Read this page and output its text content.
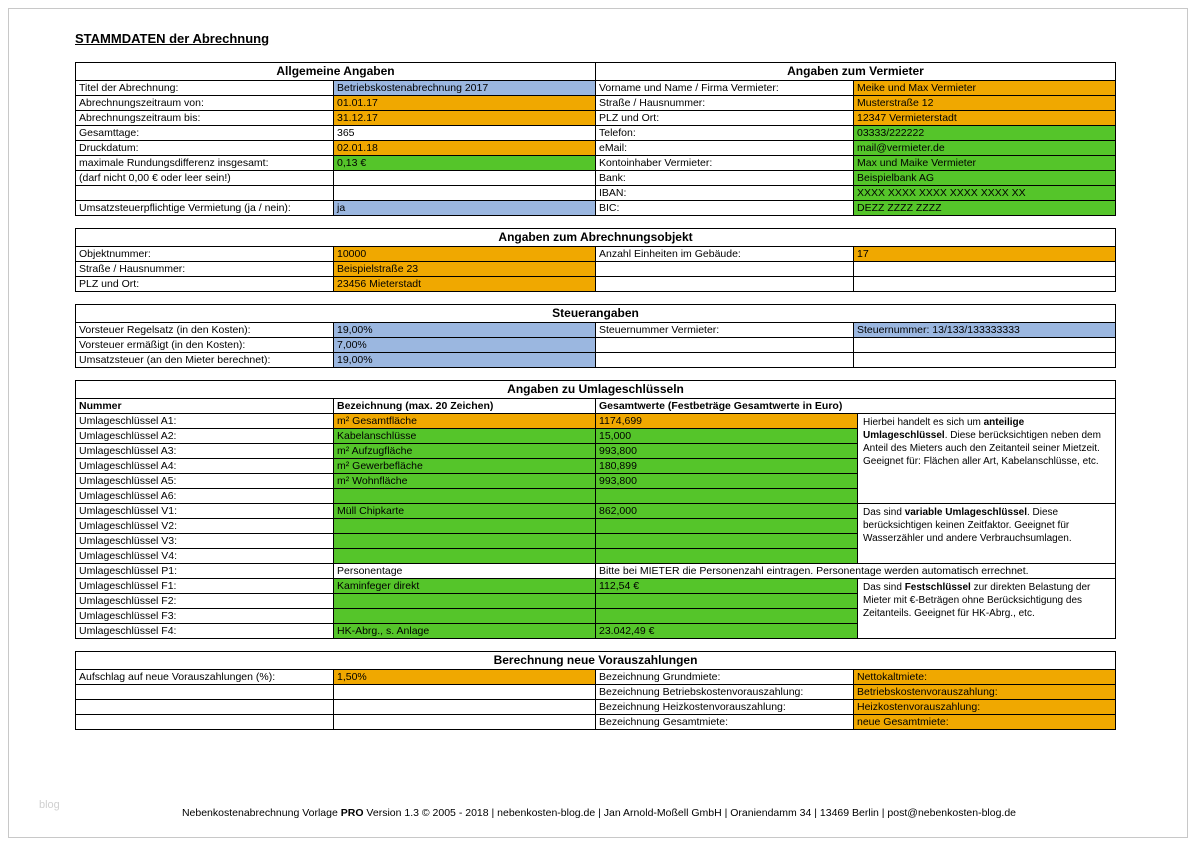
STAMMDATEN der Abrechnung
Allgemeine Angaben		Angaben zum Vermieter	
Titel der Abrechnung:	Betriebskostenabrechnung 2017	Vorname und Name / Firma Vermieter:	Meike und Max Vermieter
Abrechnungszeitraum von:	01.01.17	Straße / Hausnummer:	Musterstraße 12
Abrechnungszeitraum bis:	31.12.17	PLZ und Ort:	12347 Vermieterstadt
Gesamttage:	365	Telefon:	03333/222222
Druckdatum:	02.01.18	eMail:	mail@vermieter.de
maximale Rundungsdifferenz insgesamt:	0,13 €	Kontoinhaber Vermieter:	Max und Maike Vermieter
(darf nicht 0,00 € oder leer sein!)		Bank:	Beispielbank AG
		IBAN:	XXXX XXXX XXXX XXXX XXXX XX
Umsatzsteuerpflichtige Vermietung (ja / nein):	ja	BIC:	DEZZ ZZZZ ZZZZ
Angaben zum Abrechnungsobjekt			
Objektnummer:	10000	Anzahl Einheiten im Gebäude:	17
Straße / Hausnummer:	Beispielstraße 23		
PLZ und Ort:	23456 Mieterstadt		
Steuerangaben			
Vorsteuer Regelsatz (in den Kosten):	19,00%	Steuernummer Vermieter:	Steuernummer: 13/133/133333333
Vorsteuer ermäßigt (in den Kosten):	7,00%		
Umsatzsteuer (an den Mieter berechnet):	19,00%		
Angaben zu Umlageschlüsseln			
Nummer	Bezeichnung (max. 20 Zeichen)	Gesamtwerte (Festbeträge Gesamtwerte in Euro)	
Umlageschlüssel A1:	m² Gesamtfläche	1174,699	Hierbei handelt es sich um anteilige Umlageschlüssel. Diese berücksichtigen neben dem Anteil des Mieters auch den Zeitanteil seiner Mietzeit. Geeignet für: Flächen aller Art, Kabelanschlüsse, etc.
Umlageschlüssel A2:	Kabelanschlüsse	15,000	
Umlageschlüssel A3:	m² Aufzugfläche	993,800	
Umlageschlüssel A4:	m² Gewerbefläche	180,899	
Umlageschlüssel A5:	m² Wohnfläche	993,800	
Umlageschlüssel A6:			
Umlageschlüssel V1:	Müll Chipkarte	862,000	Das sind variable Umlageschlüssel. Diese berücksichtigen keinen Zeitfaktor. Geeignet für Wasserzähler und andere Verbrauchsumlagen.
Umlageschlüssel V2:			
Umlageschlüssel V3:			
Umlageschlüssel V4:			
Umlageschlüssel P1:	Personentage	Bitte bei MIETER die Personenzahl eintragen. Personentage werden automatisch errechnet.	
Umlageschlüssel F1:	Kaminfeger direkt	112,54 €	Das sind Festschlüssel zur direkten Belastung der Mieter mit €-Beträgen ohne Berücksichtigung des Zeitanteils. Geeignet für HK-Abrg., etc.
Umlageschlüssel F2:			
Umlageschlüssel F3:			
Umlageschlüssel F4:	HK-Abrg., s. Anlage	23.042,49 €	
Berechnung neue Vorauszahlungen			
Aufschlag auf neue Vorauszahlungen (%):	1,50%	Bezeichnung Grundmiete:	Nettokaltmiete:
		Bezeichnung Betriebskostenvorauszahlung:	Betriebskostenvorauszahlung:
		Bezeichnung Heizkostenvorauszahlung:	Heizkostenvorauszahlung:
		Bezeichnung Gesamtmiete:	neue Gesamtmiete:
blog
Nebenkostenabrechnung Vorlage PRO Version 1.3 © 2005 - 2018 | nebenkosten-blog.de | Jan Arnold-Moßell GmbH | Oraniendamm 34 | 13469 Berlin | post@nebenkosten-blog.de
